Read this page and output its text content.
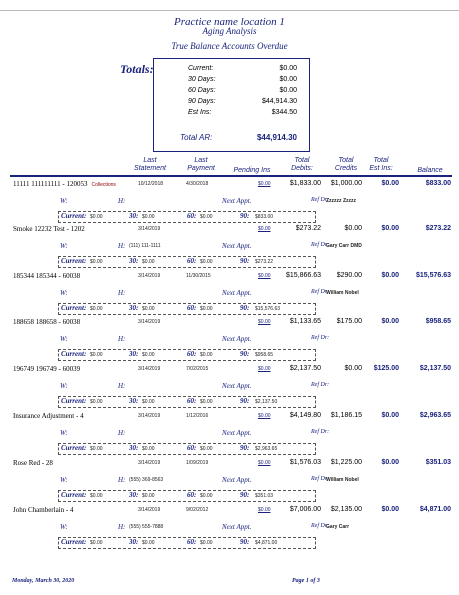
Practice name location 1
Aging Analysis
True Balance Accounts Overdue
Totals:	Current:	$0.00
30 Days:	$0.00
60 Days:	$0.00
90 Days:	$44,914.30
Est Ins:	$344.50
Total AR:	$44,914.30
Last
Statement
Last
Payment	Pending Ins
Total
Debits:
Total
Credits
Total
Est Ins:	Balance
11111 111111111 - 120053 Collections	10/12/2018	4/30/2018	$0.00	$1,833.00 $1,000.00	$0.00	$833.00
W:	H:	Next Appt.	Ref Dr:
Zzzzzz Zzzzz
Current: $0.00	30: $0.00	60: $0.00	90: $833.00
Smoke 12232 Test - 1202	3/14/2019	$0.00	$273.22	$0.00	$0.00	$273.22
W:	H: (111) 111-1111	Next Appt.	Ref Dr:
Gary Carr DMD
Current: $0.00	30: $0.00	60: $0.00	90: $273.22
185344 185344 - 60038	3/14/2019	11/30/2015	$0.00 $15,866.63 $290.00	$0.00 $15,576.63
W:	H:	Next Appt.	Ref Dr:
William Nobel
Current: $0.00	30: $0.00	60: $0.00	90: $15,576.63
188658 188658 - 60038	3/14/2019	$0.00	$1,133.65 $175.00	$0.00	$958.65
W:	H:	Next Appt.	Ref Dr:
Current: $0.00	30: $0.00	60: $0.00	90: $958.65
196749 196749 - 60039	3/14/2019	7/02/2015	$0.00	$2,137.50	$0.00 $125.00	$2,137.50
W:	H:	Next Appt.	Ref Dr:
Current: $0.00	30: $0.00	60: $0.00	90: $2,137.50
Insurance Adjustment - 4	3/14/2019	1/12/2016	$0.00	$4,149.80 $1,186.15	$0.00	$2,963.65
W:	H:	Next Appt.	Ref Dr:
Current: $0.00	30: $0.00	60: $0.00	90: $2,963.65
Rose Red - 28	3/14/2019	1/09/2019	$0.00	$1,576.03 $1,225.00	$0.00	$351.03
W:	H: (555) 369-8563	Next Appt.	Ref Dr:
William Nobel
Current: $0.00	30: $0.00	60: $0.00	90: $351.03
John Chamberlain - 4	3/14/2019	9/02/2012	$0.00	$7,006.00 $2,135.00	$0.00	$4,871.00
W:	H: (555) 555-7888	Next Appt.	Ref Dr:
Gary Carr
Current: $0.00	30: $0.00	60: $0.00	90: $4,871.00
Monday, March 30, 2020	Page 1 of 3
